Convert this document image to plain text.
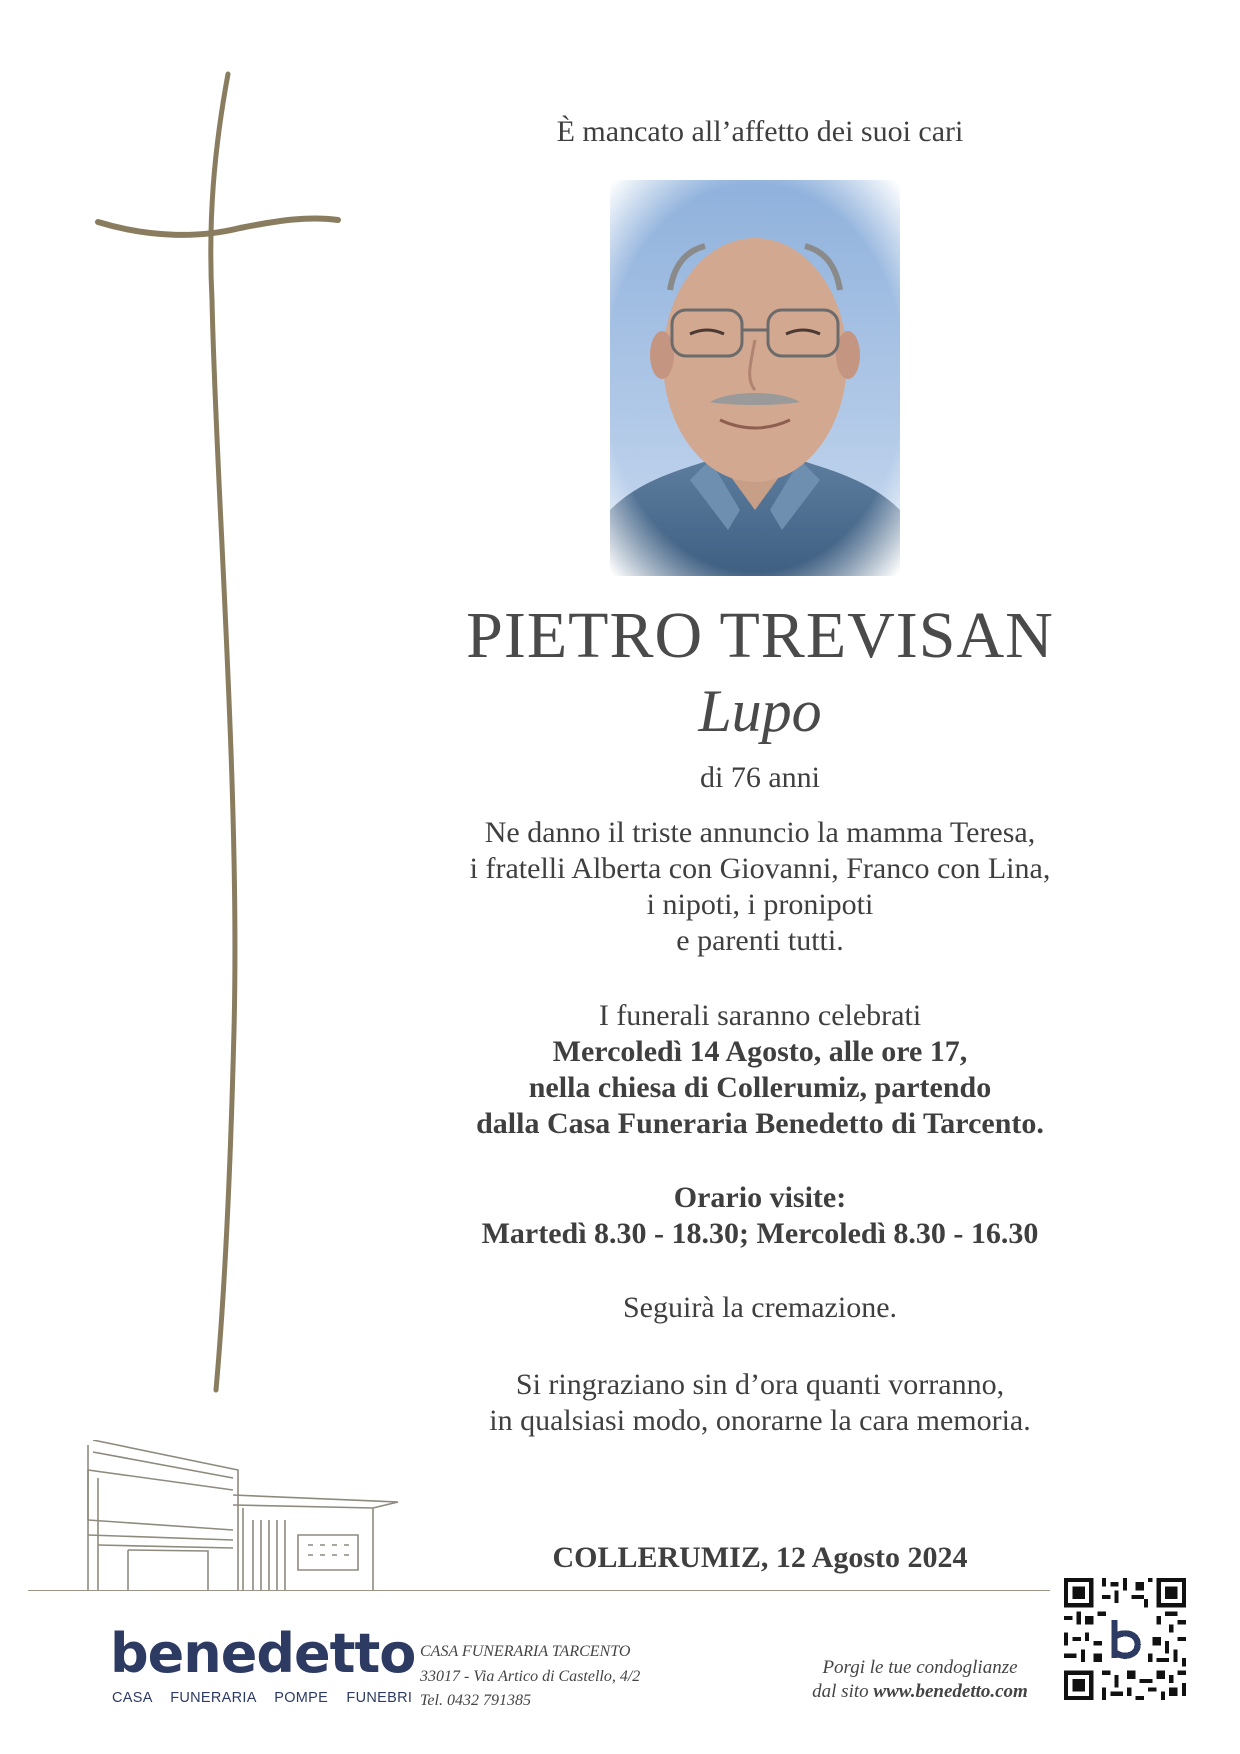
È mancato all’affetto dei suoi cari
PIETRO TREVISAN
Lupo
di 76 anni

Ne danno il triste annuncio la mamma Teresa,

i fratelli Alberta con Giovanni, Franco con Lina,

i nipoti, i pronipoti

e parenti tutti.

I funerali saranno celebrati

Mercoledì 14 Agosto, alle ore 17,

nella chiesa di Collerumiz, partendo

dalla Casa Funeraria Benedetto di Tarcento.

Orario visite:

Martedì 8.30 - 18.30; Mercoledì 8.30 - 16.30

Seguirà la cremazione.

Si ringraziano sin d’ora quanti vorranno,

in qualsiasi modo, onorarne la cara memoria.

COLLERUMIZ, 12 Agosto 2024
benedetto
CASA FUNERARIA POMPE FUNEBRI
CASA FUNERARIA TARCENTO
33017 - Via Artico di Castello, 4/2
Tel. 0432 791385
Porgi le tue condoglianze
dal sito www.benedetto.com
